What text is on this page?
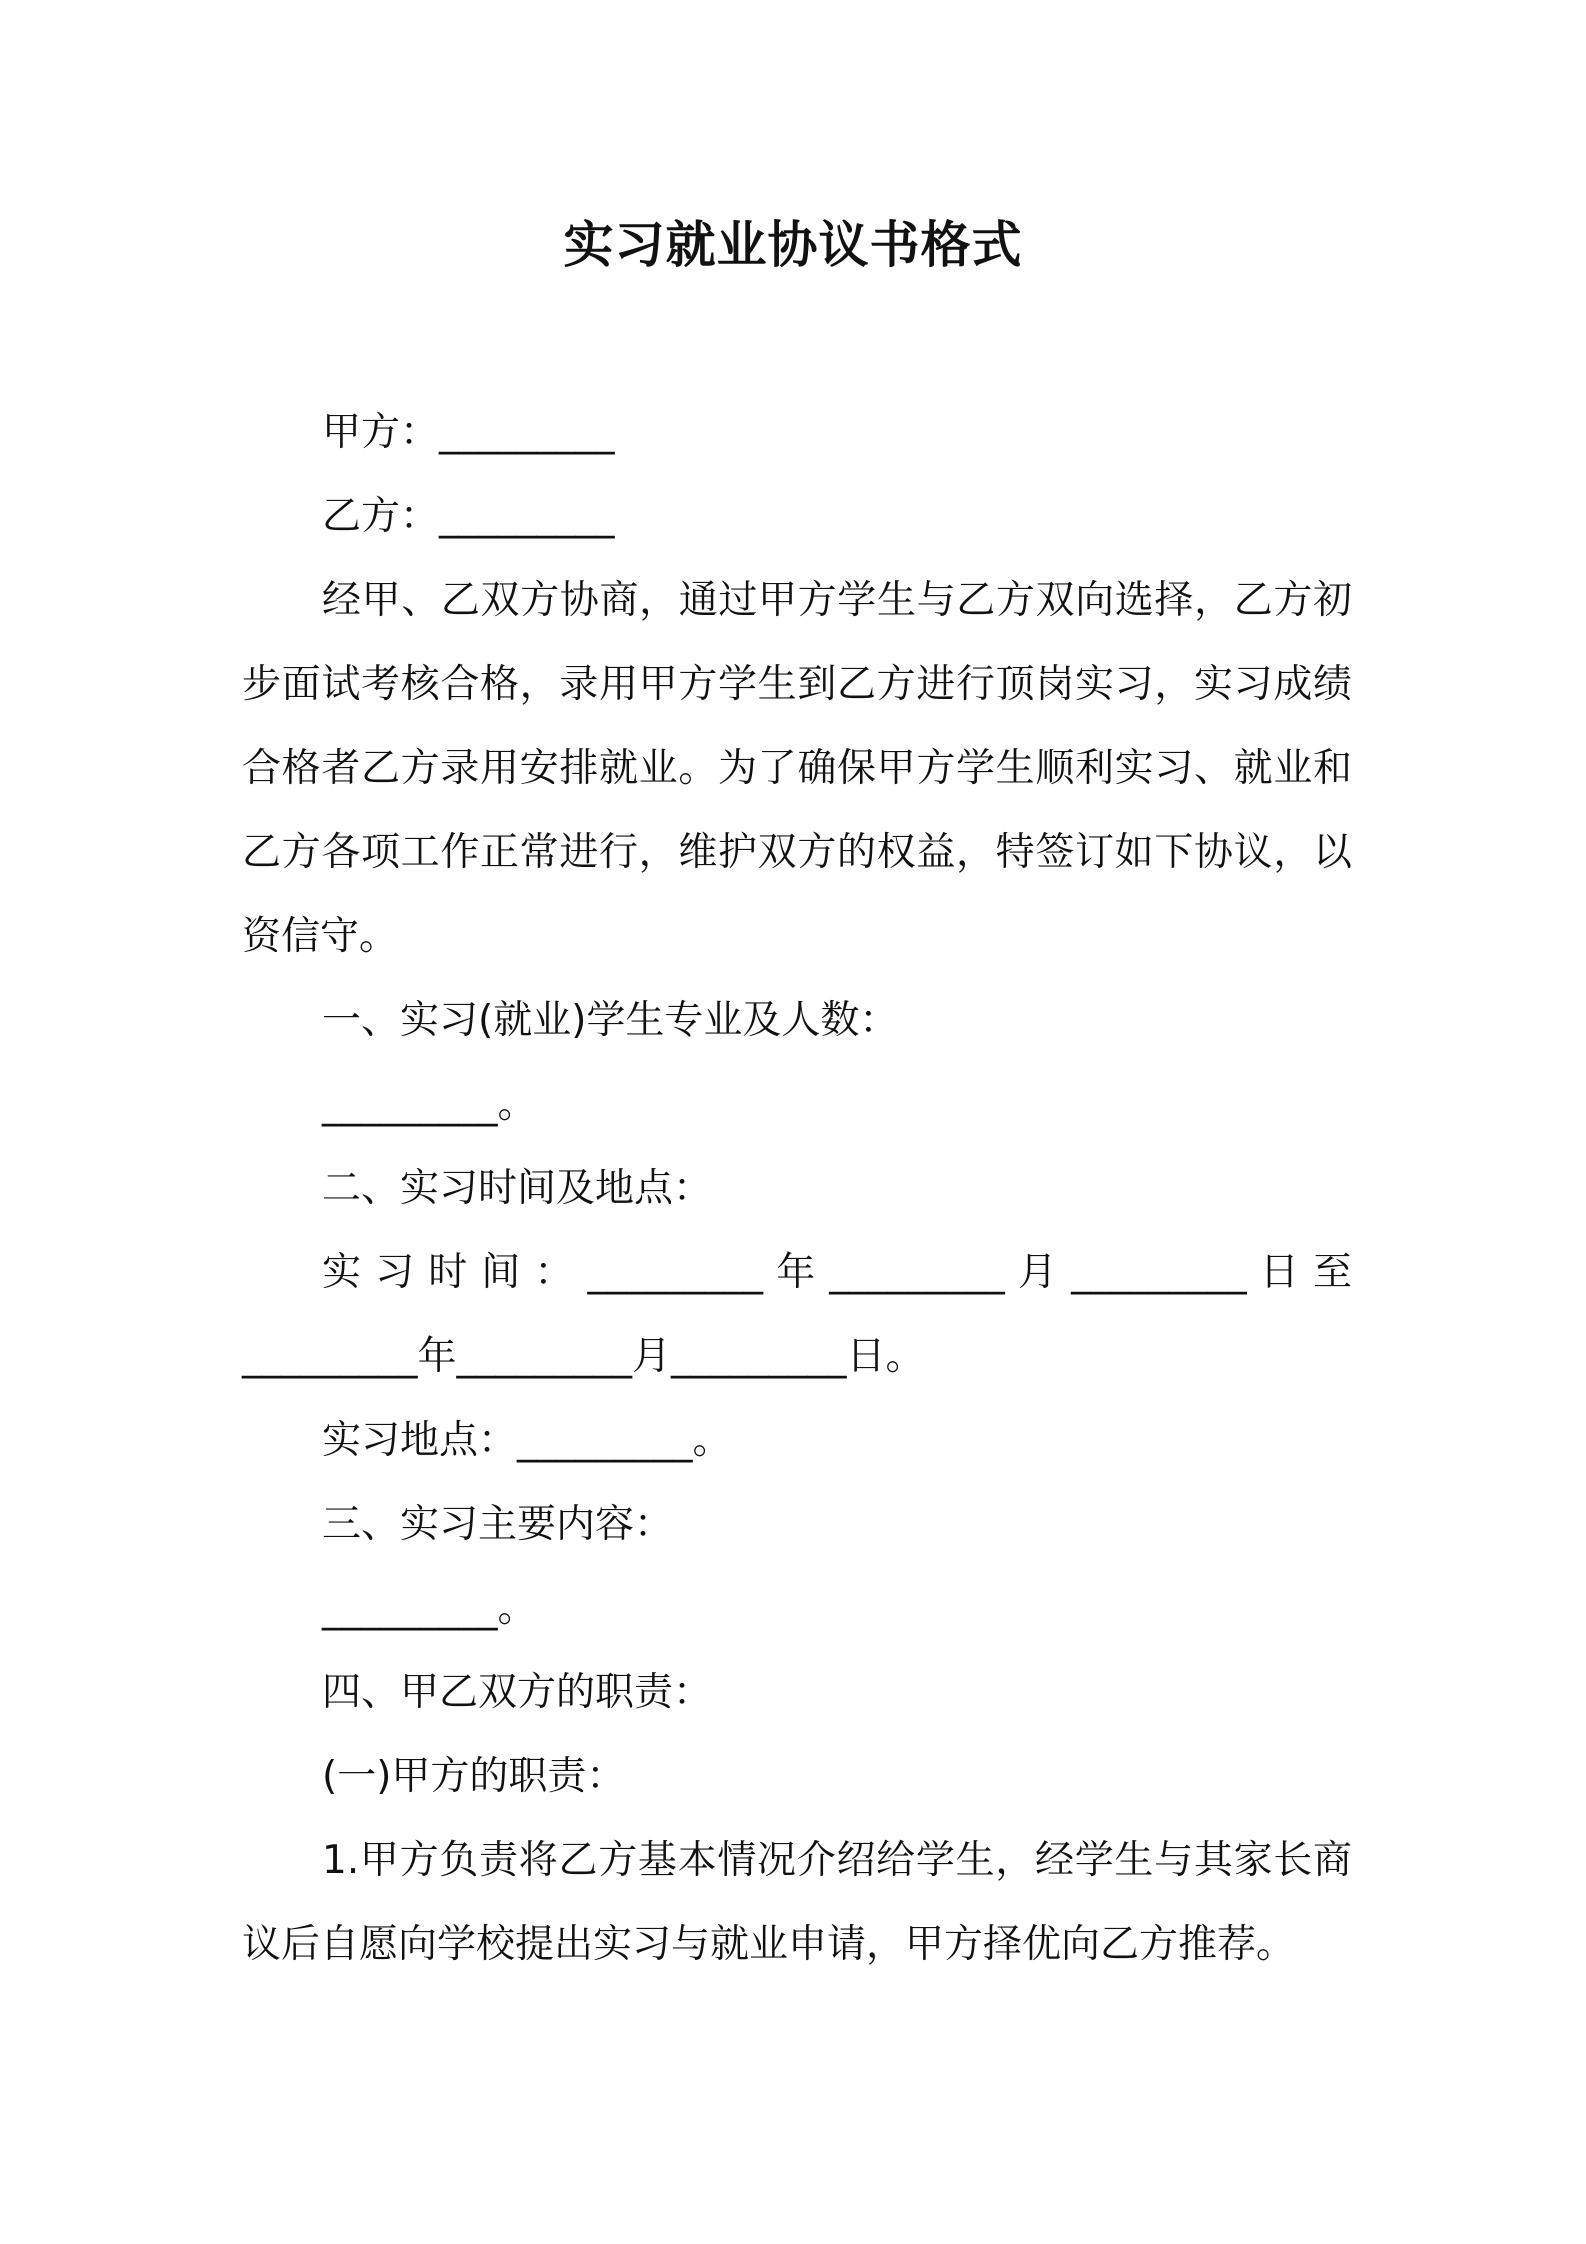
实习就业协议书格式
甲方：_________
乙方：_________
经甲、乙双方协商，通过甲方学生与乙方双向选择，乙方初
步面试考核合格，录用甲方学生到乙方进行顶岗实习，实习成绩
合格者乙方录用安排就业。为了确保甲方学生顺利实习、就业和
乙方各项工作正常进行，维护双方的权益，特签订如下协议，以
资信守。
一、实习(就业)学生专业及人数：
_________。
二、实习时间及地点：
实 习 时 间 ： _________ 年 _________ 月 _________ 日 至
_________年_________月_________日。
实习地点：_________。
三、实习主要内容：
_________。
四、甲乙双方的职责：
(一)甲方的职责：
1.甲方负责将乙方基本情况介绍给学生，经学生与其家长商
议后自愿向学校提出实习与就业申请，甲方择优向乙方推荐。
